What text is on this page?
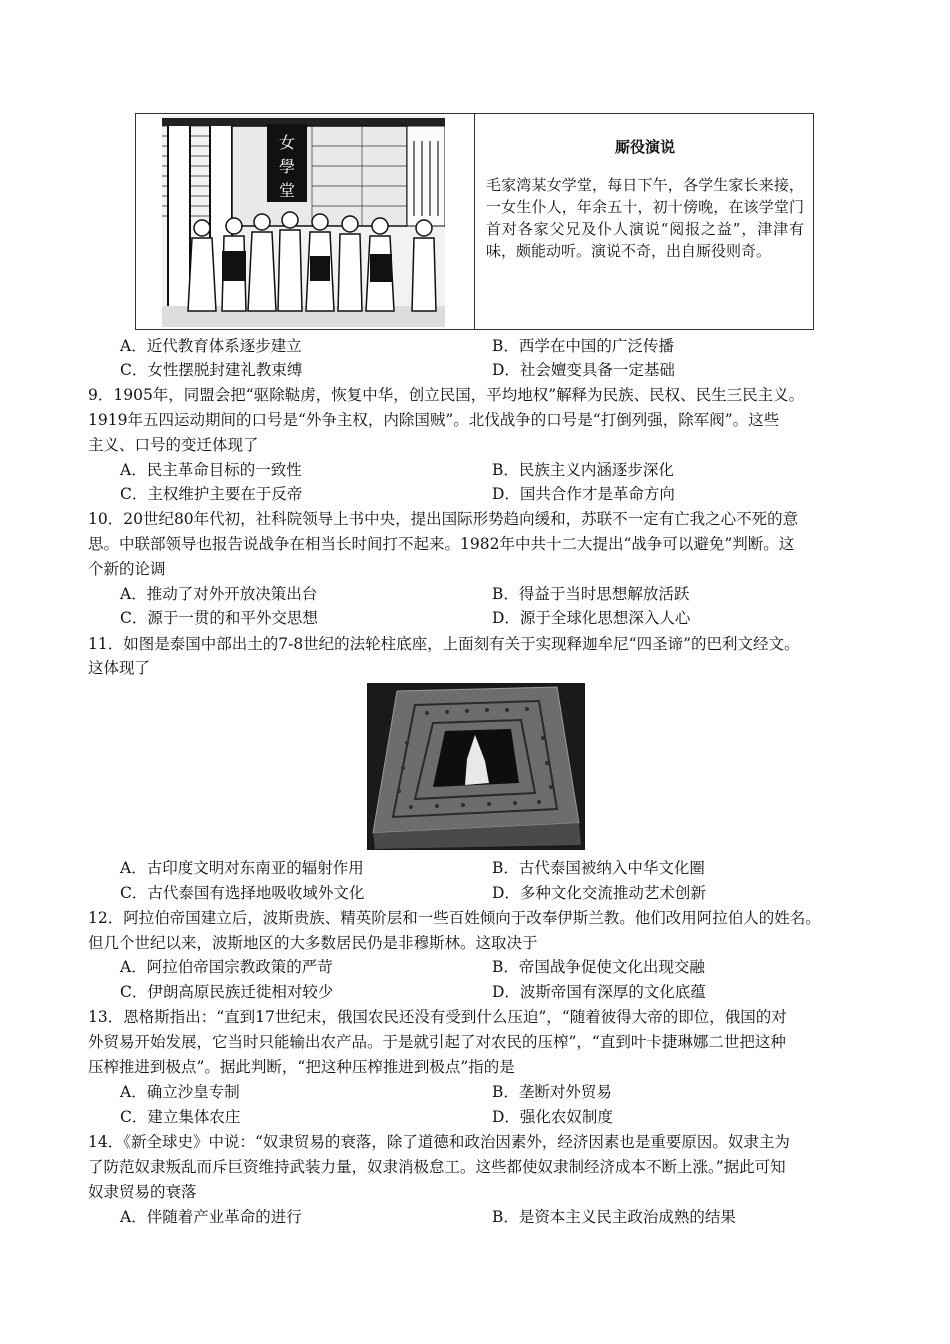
女
學
堂
厮役演说
毛家湾某女学堂，每日下午，各学生家长来接，一女生仆人，年余五十，初十傍晚，在该学堂门首对各家父兄及仆人演说“阅报之益”，津津有味，颇能动听。演说不奇，出自厮役则奇。
A．近代教育体系逐步建立	B．西学在中国的广泛传播
C．女性摆脱封建礼教束缚	D．社会嬗变具备一定基础
9．1905年，同盟会把“驱除鞑虏，恢复中华，创立民国，平均地权”解释为民族、民权、民生三民主义。
1919年五四运动期间的口号是“外争主权，内除国贼”。北伐战争的口号是“打倒列强，除军阀”。这些
主义、口号的变迁体现了
A．民主革命目标的一致性	B．民族主义内涵逐步深化
C．主权维护主要在于反帝	D．国共合作才是革命方向
10．20世纪80年代初，社科院领导上书中央，提出国际形势趋向缓和，苏联不一定有亡我之心不死的意
思。中联部领导也报告说战争在相当长时间打不起来。1982年中共十二大提出“战争可以避免”判断。这
个新的论调
A．推动了对外开放决策出台	B．得益于当时思想解放活跃
C．源于一贯的和平外交思想	D．源于全球化思想深入人心
11．如图是泰国中部出土的7-8世纪的法轮柱底座，上面刻有关于实现释迦牟尼“四圣谛”的巴利文经文。
这体现了
A．古印度文明对东南亚的辐射作用	B．古代泰国被纳入中华文化圈
C．古代泰国有选择地吸收域外文化	D．多种文化交流推动艺术创新
12．阿拉伯帝国建立后，波斯贵族、精英阶层和一些百姓倾向于改奉伊斯兰教。他们改用阿拉伯人的姓名。
但几个世纪以来，波斯地区的大多数居民仍是非穆斯林。这取决于
A．阿拉伯帝国宗教政策的严苛	B．帝国战争促使文化出现交融
C．伊朗高原民族迁徙相对较少	D．波斯帝国有深厚的文化底蕴
13．恩格斯指出：“直到17世纪末，俄国农民还没有受到什么压迫”，“随着彼得大帝的即位，俄国的对
外贸易开始发展，它当时只能输出农产品。于是就引起了对农民的压榨”，“直到叶卡捷琳娜二世把这种
压榨推进到极点”。据此判断，“把这种压榨推进到极点”指的是
A．确立沙皇专制	B．垄断对外贸易
C．建立集体农庄	D．强化农奴制度
14．《新全球史》中说：“奴隶贸易的衰落，除了道德和政治因素外，经济因素也是重要原因。奴隶主为
了防范奴隶叛乱而斥巨资维持武装力量，奴隶消极怠工。这些都使奴隶制经济成本不断上涨。”据此可知
奴隶贸易的衰落
A．伴随着产业革命的进行	B．是资本主义民主政治成熟的结果
